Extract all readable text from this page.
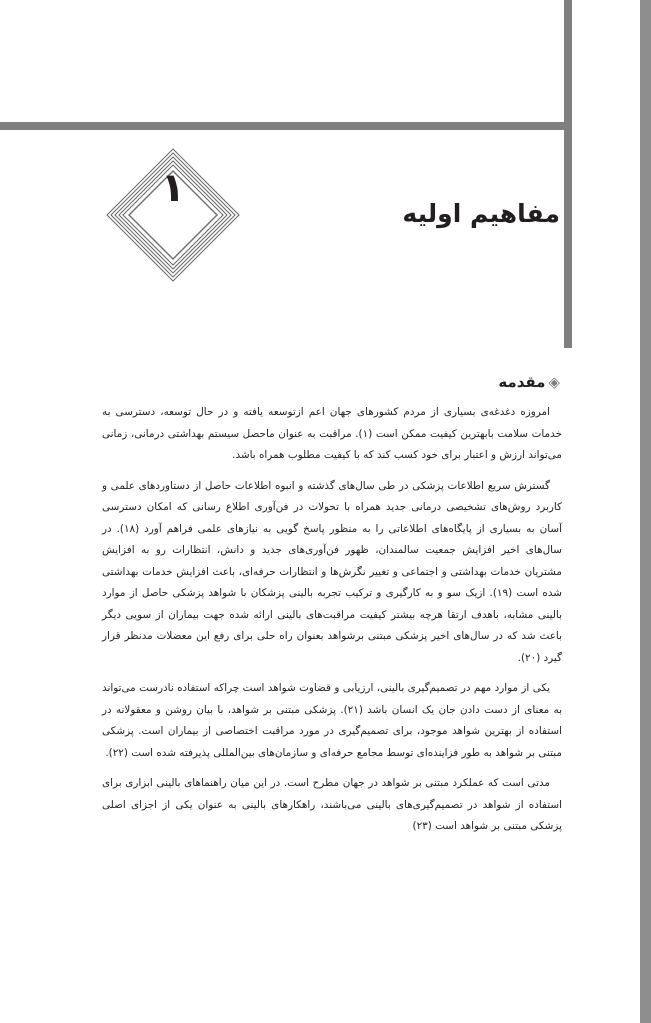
۱
مفاهیم اولیه
◈مقدمه

امروزه دغدغه‌ی بسیاری از مردم کشورهای جهان اعم ازتوسعه یافته و در حال توسعه، دسترسی به خدمات سلامت بابهترین کیفیت ممکن است (۱). مراقبت به عنوان ماحصل سیستم بهداشتی درمانی، زمانی می‌تواند ارزش و اعتبار برای خود کسب کند که با کیفیت مطلوب همراه باشد.

گسترش سریع اطلاعات پزشکی در طی سال‌های گذشته و انبوه اطلاعات حاصل از دستاوردهای علمی و کاربرد روش‌های تشخیصی درمانی جدید همراه با تحولات در فن‌آوری اطلاع رسانی که امکان دسترسی آسان به بسیاری از پایگاه‌های اطلاعاتی را به منظور پاسخ گویی به نیازهای علمی فراهم آورد (۱۸). در سال‌های اخیر افزایش جمعیت سالمندان، ظهور فن‌آوری‌های جدید و دانش، انتظارات رو به افزایش مشتریان خدمات بهداشتی و اجتماعی و تغییر نگرش‌ها و انتظارات حرفه‌ای، باعث افزایش خدمات بهداشتی شده است (۱۹). ازیک سو و به کارگیری و ترکیب تجربه بالینی پزشکان با شواهد پزشکی حاصل از موارد بالینی مشابه، باهدف ارتقا هرچه بیشتر کیفیت مراقبت‌های بالینی ارائه شده جهت بیماران از سویی دیگر باعث شد که در سال‌های اخیر پزشکی مبتنی برشواهد بعنوان راه حلی برای رفع این معضلات مدنظر قرار گیرد (۲۰).

یکی از موارد مهم در تصمیم‌گیری بالینی، ارزیابی و قضاوت شواهد است چراکه استفاده نادرست می‌تواند به معنای از دست دادن جان یک انسان باشد (۲۱). پزشکی مبتنی بر شواهد، با بیان روشن و معقولانه در استفاده از بهترین شواهد موجود، برای تصمیم‌گیری در مورد مراقبت اختصاصی از بیماران است. پزشکی مبتنی بر شواهد به طور فزاینده‌ای توسط مجامع حرفه‌ای و سازمان‌های بین‌المللی پذیرفته شده است (۲۲).

مدتی است که عملکرد مبتنی بر شواهد در جهان مطرح است. در این میان راهنماهای بالینی ابزاری برای استفاده از شواهد در تصمیم‌گیری‌های بالینی می‌باشند، راهکارهای بالینی به عنوان یکی از اجزای اصلی پزشکی مبتنی بر شواهد است (۲۳)
